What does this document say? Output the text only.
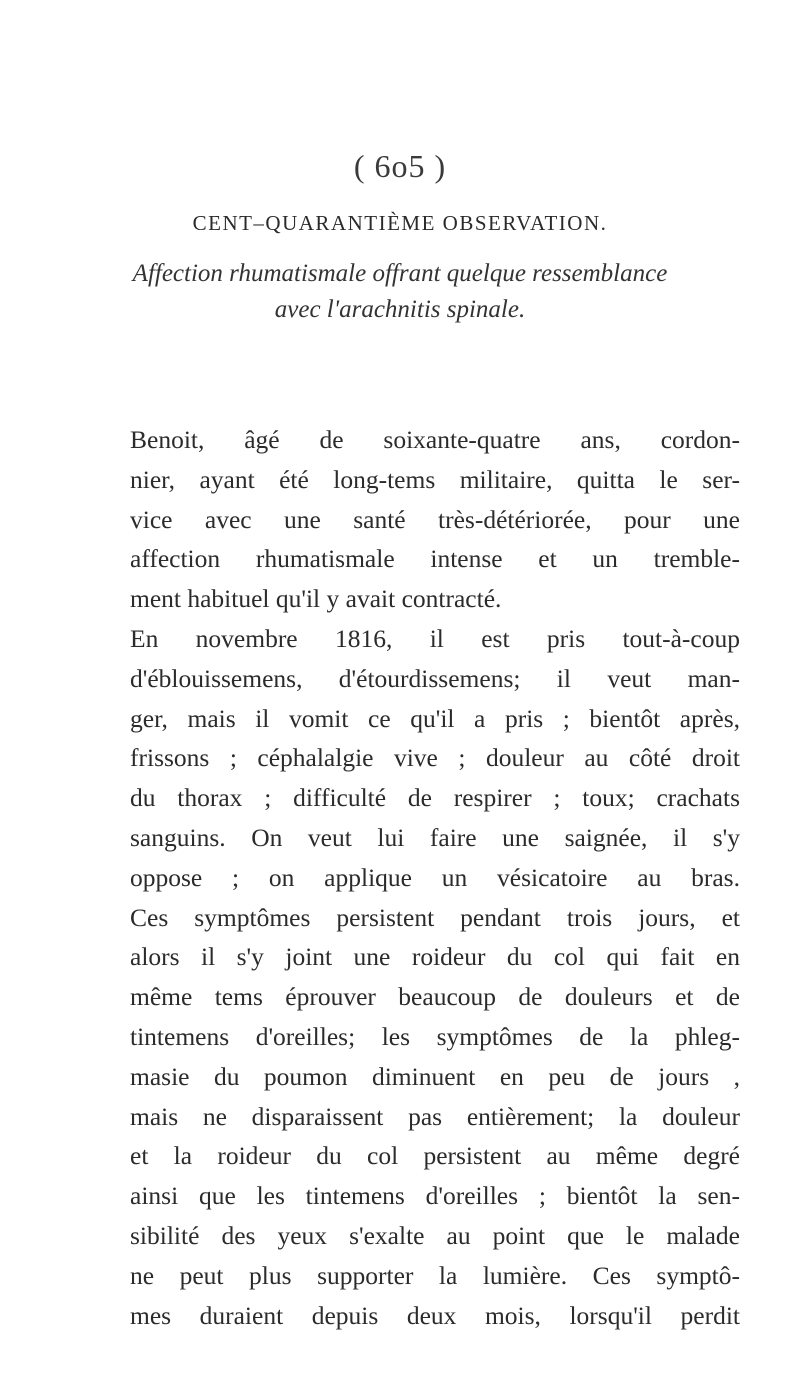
( 6o5 )
CENT–QUARANTIÈME OBSERVATION.
Affection rhumatismale offrant quelque ressemblance
avec l'arachnitis spinale.
Benoit, âgé de soixante-quatre ans, cordon-
nier, ayant été long-tems militaire, quitta le ser-
vice avec une santé très-détériorée, pour une
affection rhumatismale intense et un tremble-
ment habituel qu'il y avait contracté.
En novembre 1816, il est pris tout-à-coup
d'éblouissemens, d'étourdissemens; il veut man-
ger, mais il vomit ce qu'il a pris ; bientôt après,
frissons ; céphalalgie vive ; douleur au côté droit
du thorax ; difficulté de respirer ; toux; crachats
sanguins. On veut lui faire une saignée, il s'y
oppose ; on applique un vésicatoire au bras.
Ces symptômes persistent pendant trois jours, et
alors il s'y joint une roideur du col qui fait en
même tems éprouver beaucoup de douleurs et de
tintemens d'oreilles; les symptômes de la phleg-
masie du poumon diminuent en peu de jours ,
mais ne disparaissent pas entièrement; la douleur
et la roideur du col persistent au même degré
ainsi que les tintemens d'oreilles ; bientôt la sen-
sibilité des yeux s'exalte au point que le malade
ne peut plus supporter la lumière. Ces symptô-
mes duraient depuis deux mois, lorsqu'il perdit
